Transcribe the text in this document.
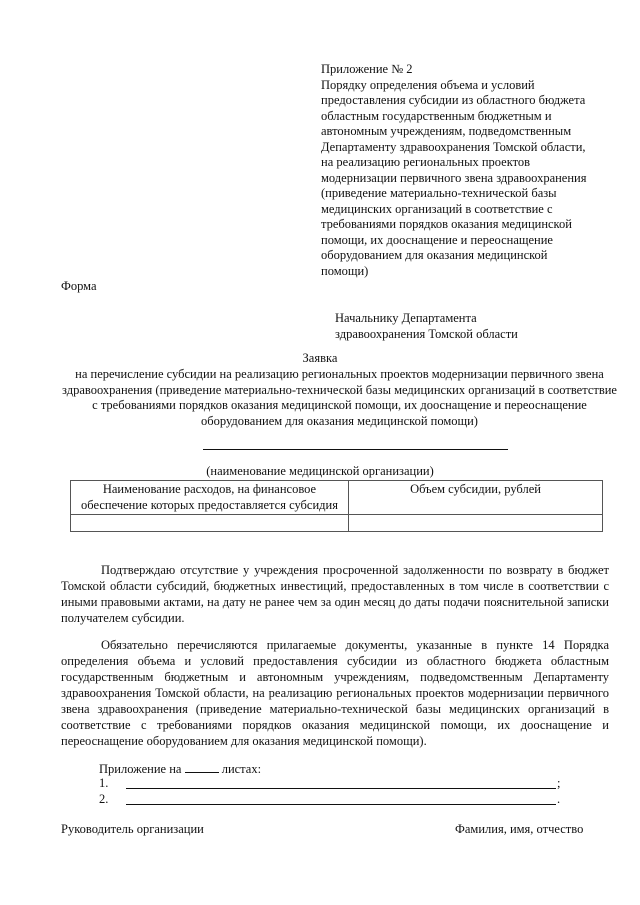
Приложение № 2
Порядку определения объема и условий
предоставления субсидии из областного бюджета
областным государственным бюджетным и
автономным учреждениям, подведомственным
Департаменту здравоохранения Томской области,
на реализацию региональных проектов
модернизации первичного звена здравоохранения
(приведение материально-технической базы
медицинских организаций в соответствие с
требованиями порядков оказания медицинской
помощи, их дооснащение и переоснащение
оборудованием для оказания медицинской
помощи)
Форма
Начальнику Департамента
здравоохранения Томской области
Заявка
на перечисление субсидии на реализацию региональных проектов модернизации первичного звена здравоохранения (приведение материально-технической базы медицинских организаций в соответствие с требованиями порядков оказания медицинской помощи, их дооснащение и переоснащение оборудованием для оказания медицинской помощи)
(наименование медицинской организации)
Наименование расходов, на финансовое обеспечение которых предоставляется субсидия	Объем субсидии, рублей

Подтверждаю отсутствие у учреждения просроченной задолженности по возврату в бюджет Томской области субсидий, бюджетных инвестиций, предоставленных в том числе в соответствии с иными правовыми актами, на дату не ранее чем за один месяц до даты подачи пояснительной записки получателем субсидии.
Обязательно перечисляются прилагаемые документы, указанные в пункте 14 Порядка определения объема и условий предоставления субсидии из областного бюджета областным государственным бюджетным и автономным учреждениям, подведомственным Департаменту здравоохранения Томской области, на реализацию региональных проектов модернизации первичного звена здравоохранения (приведение материально-технической базы медицинских организаций в соответствие с требованиями порядков оказания медицинской помощи, их дооснащение и переоснащение оборудованием для оказания медицинской помощи).
Приложение на	листах:
1.	;
2.	.
Руководитель организации	Фамилия, имя, отчество
